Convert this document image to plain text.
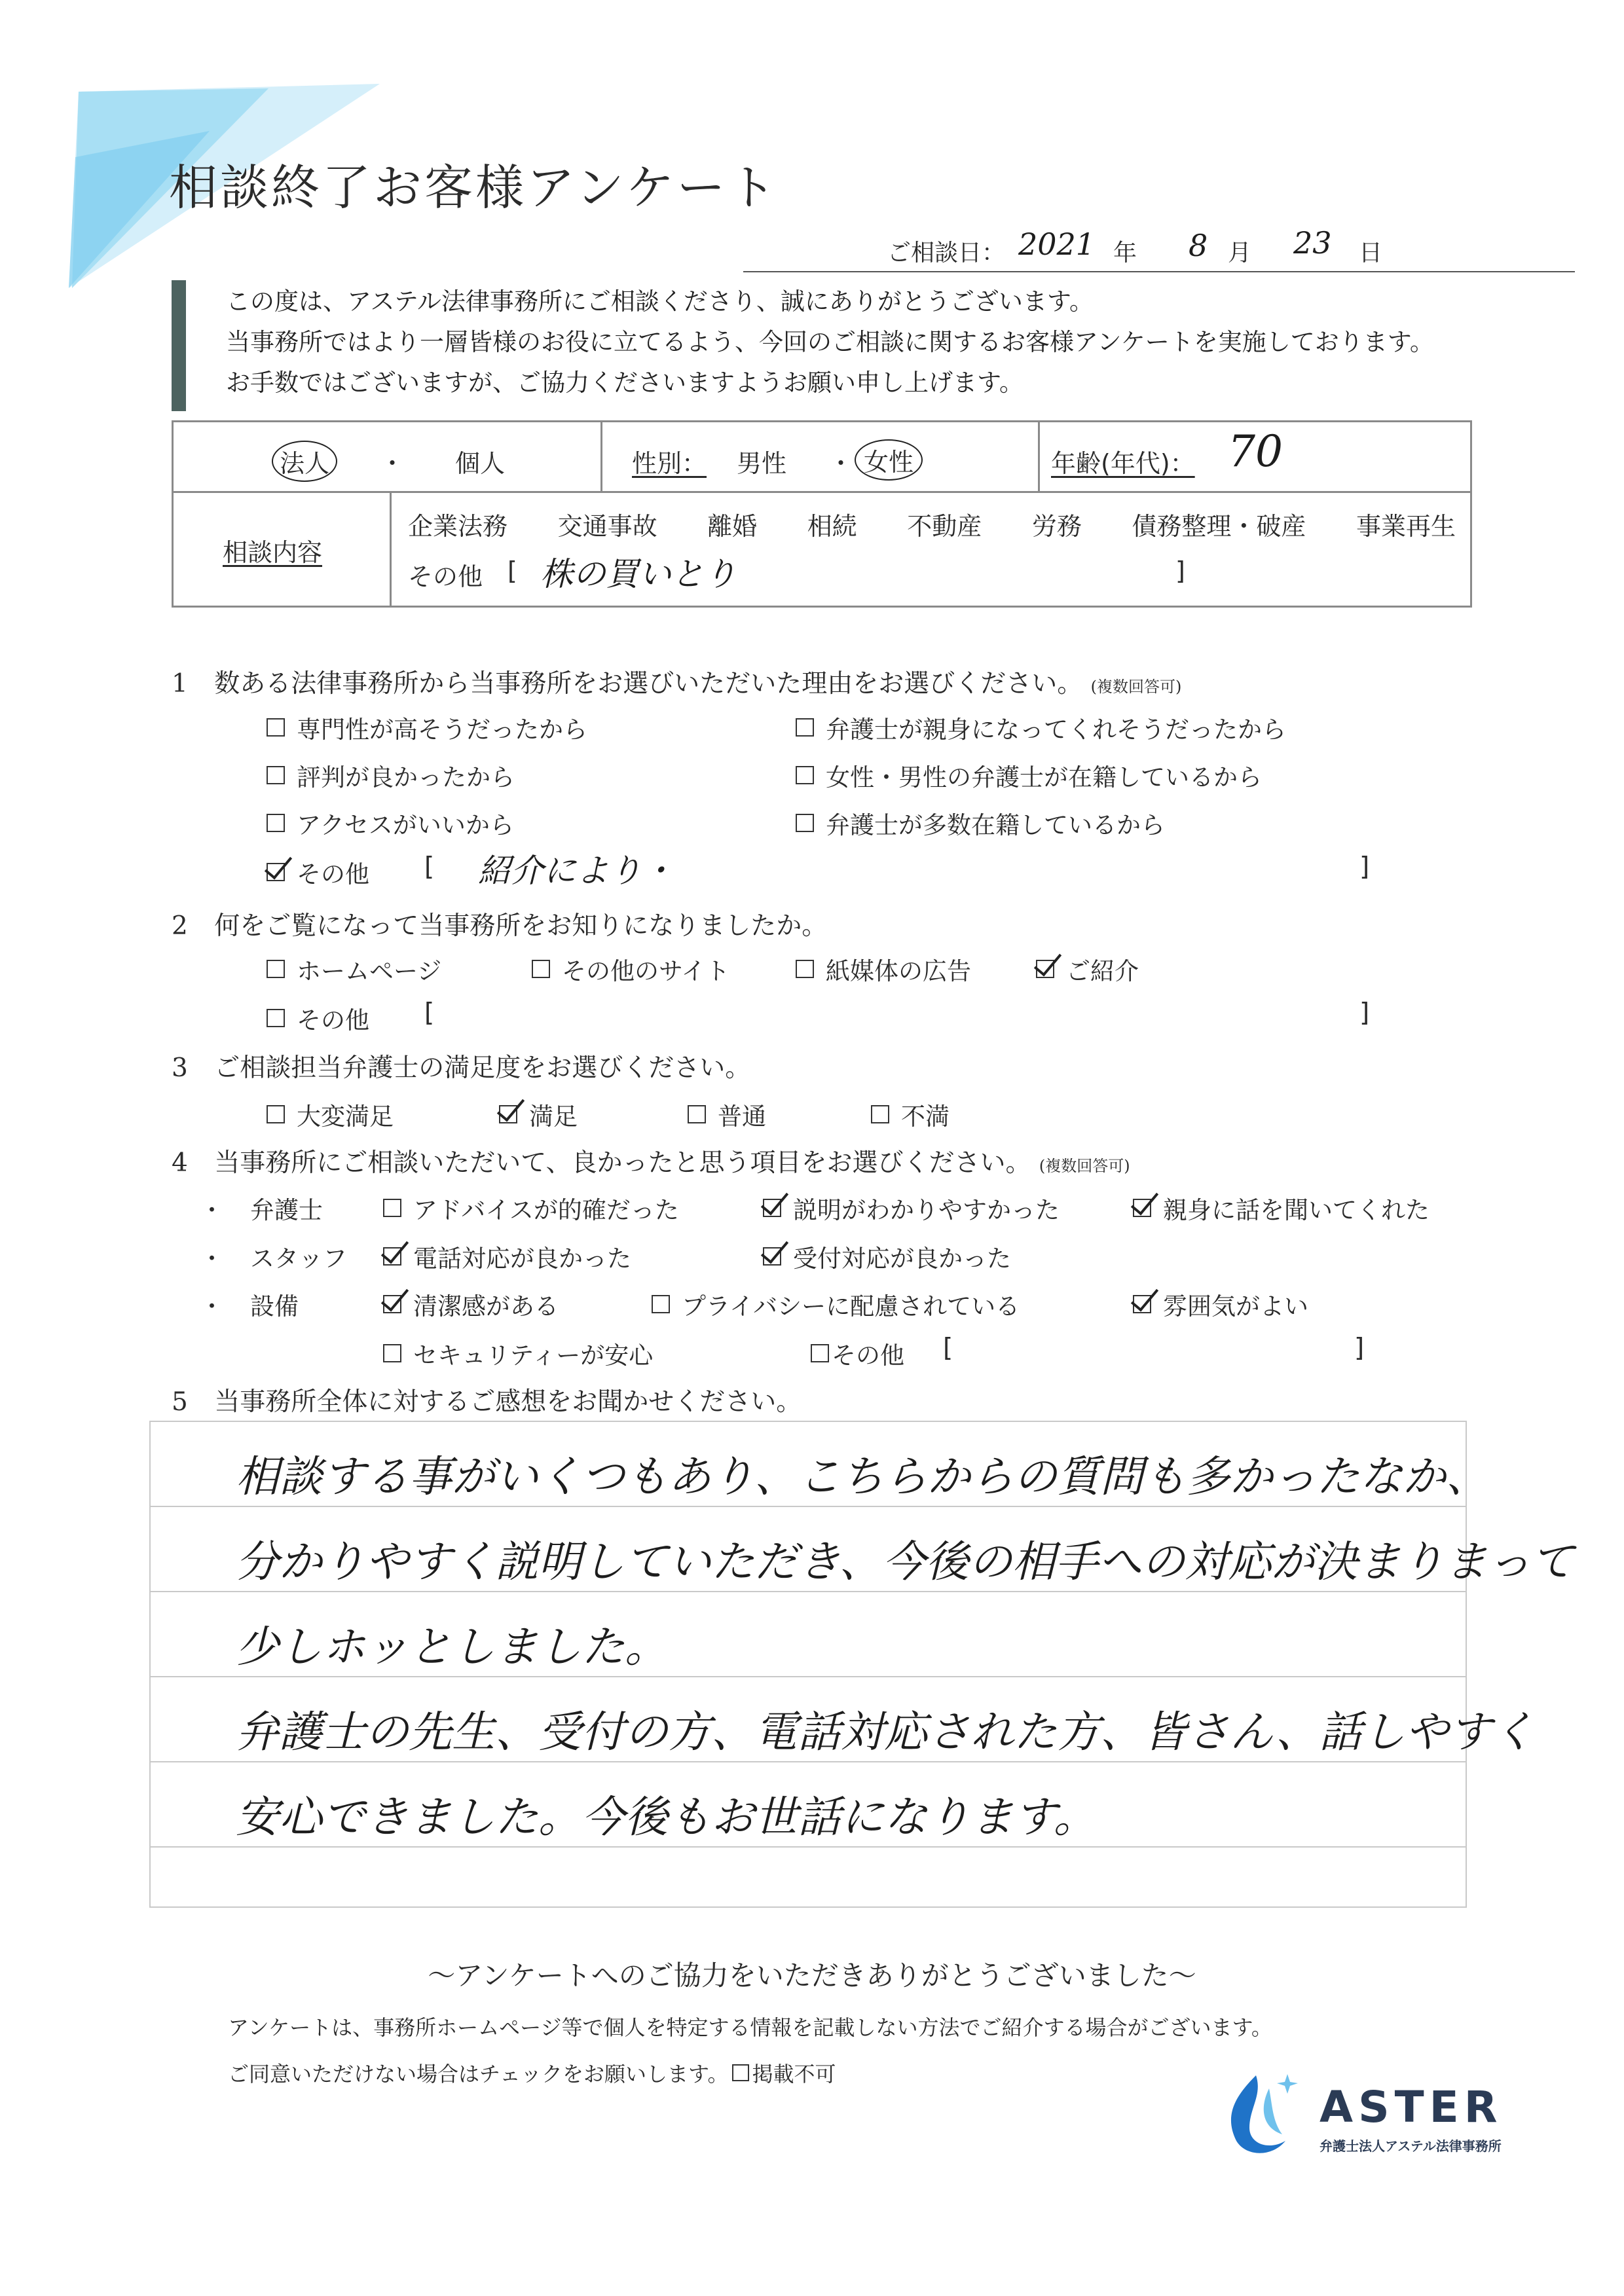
相談終了お客様アンケート
ご相談日： 2021 年 8 月 23 日
この度は、アステル法律事務所にご相談くださり、誠にありがとうございます。
当事務所ではより一層皆様のお役に立てるよう、今回のご相談に関するお客様アンケートを実施しております。
お手数ではございますが、ご協力くださいますようお願い申し上げます。
法人	・ 個人	性別： 男性 ・ 女性	年齢(年代)： 70
相談内容
企業法務 交通事故 離婚 相続 不動産 労務 債務整理・破産 事業再生
その他 [ 株の買いとり	]
1 数ある法律事務所から当事務所をお選びいただいた理由をお選びください。 (複数回答可)
専門性が高そうだったから
評判が良かったから
アクセスがいいから
弁護士が親身になってくれそうだったから
女性・男性の弁護士が在籍しているから
弁護士が多数在籍しているから
その他 [ 紹介により・	]
2 何をご覧になって当事務所をお知りになりましたか。
ホームページ	その他のサイト	紙媒体の広告	ご紹介
その他 [	]
3 ご相談担当弁護士の満足度をお選びください。
大変満足	満足	普通	不満
4 当事務所にご相談いただいて、良かったと思う項目をお選びください。 (複数回答可)
・ 弁護士	アドバイスが的確だった	説明がわかりやすかった	親身に話を聞いてくれた
・ スタッフ	電話対応が良かった	受付対応が良かった
・ 設備	清潔感がある	プライバシーに配慮されている	雰囲気がよい
セキュリティーが安心	その他 [	]
5 当事務所全体に対するご感想をお聞かせください。
相談する事がいくつもあり、こちらからの質問も多かったなか、
分かりやすく説明していただき、今後の相手への対応が決まりまって
少しホッとしました。
弁護士の先生、受付の方、電話対応された方、皆さん、話しやすく
安心できました。今後もお世話になります。
〜アンケートへのご協力をいただきありがとうございました〜
アンケートは、事務所ホームページ等で個人を特定する情報を記載しない方法でご紹介する場合がございます。
ご同意いただけない場合はチェックをお願いします。 掲載不可
ASTER
弁護士法人アステル法律事務所
